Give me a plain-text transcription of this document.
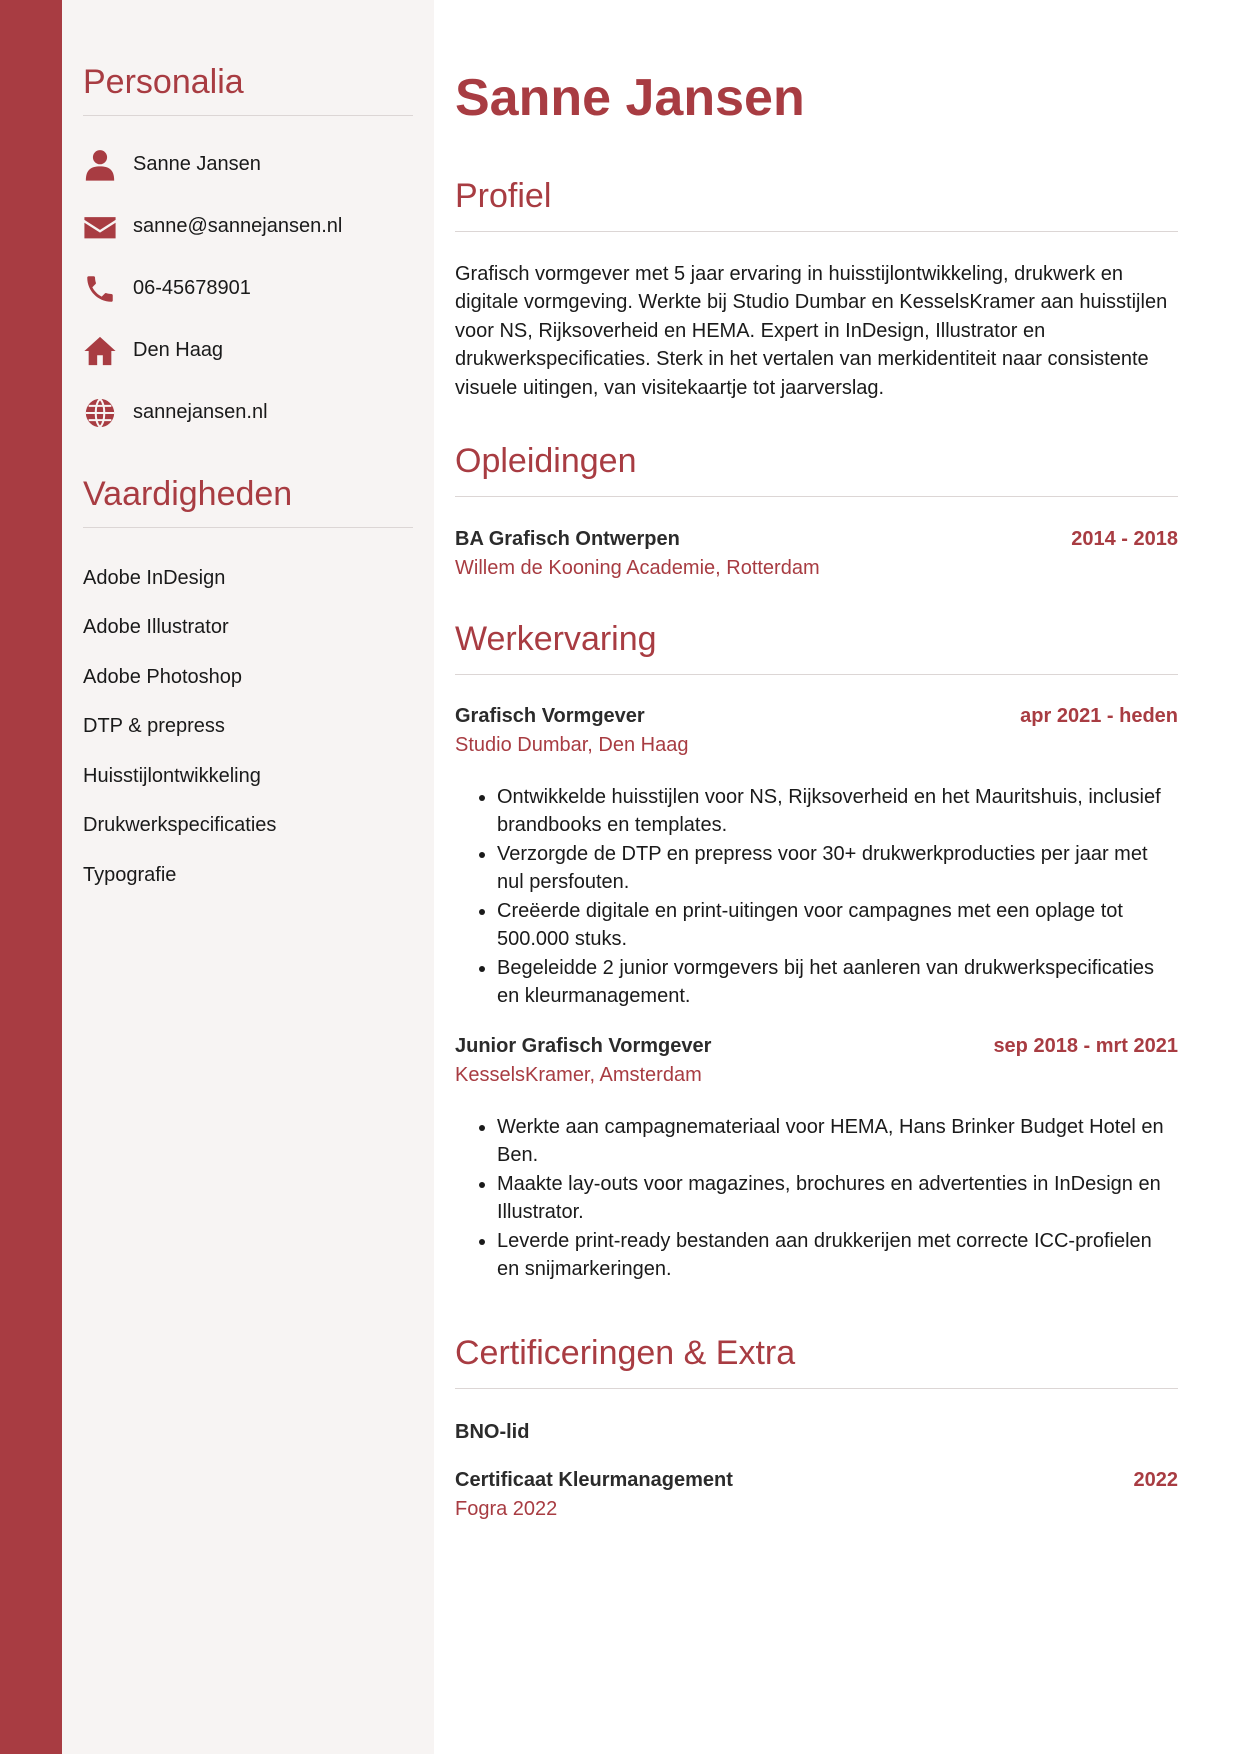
Personalia
Sanne Jansen
sanne@sannejansen.nl
06-45678901
Den Haag
sannejansen.nl
Vaardigheden
Adobe InDesign
Adobe Illustrator
Adobe Photoshop
DTP & prepress
Huisstijlontwikkeling
Drukwerkspecificaties
Typografie
Sanne Jansen
Profiel
Grafisch vormgever met 5 jaar ervaring in huisstijlontwikkeling, drukwerk en digitale vormgeving. Werkte bij Studio Dumbar en KesselsKramer aan huisstijlen voor NS, Rijksoverheid en HEMA. Expert in InDesign, Illustrator en drukwerkspecificaties. Sterk in het vertalen van merkidentiteit naar consistente visuele uitingen, van visitekaartje tot jaarverslag.
Opleidingen
BA Grafisch Ontwerpen	2014 - 2018
Willem de Kooning Academie, Rotterdam
Werkervaring
Grafisch Vormgever	apr 2021 - heden
Studio Dumbar, Den Haag
• Ontwikkelde huisstijlen voor NS, Rijksoverheid en het Mauritshuis, inclusief brandbooks en templates.
• Verzorgde de DTP en prepress voor 30+ drukwerkproducties per jaar met nul persfouten.
• Creëerde digitale en print-uitingen voor campagnes met een oplage tot 500.000 stuks.
• Begeleidde 2 junior vormgevers bij het aanleren van drukwerkspecificaties en kleurmanagement.
Junior Grafisch Vormgever	sep 2018 - mrt 2021
KesselsKramer, Amsterdam
• Werkte aan campagnemateriaal voor HEMA, Hans Brinker Budget Hotel en Ben.
• Maakte lay-outs voor magazines, brochures en advertenties in InDesign en Illustrator.
• Leverde print-ready bestanden aan drukkerijen met correcte ICC-profielen en snijmarkeringen.
Certificeringen & Extra
BNO-lid
Certificaat Kleurmanagement	2022
Fogra 2022
